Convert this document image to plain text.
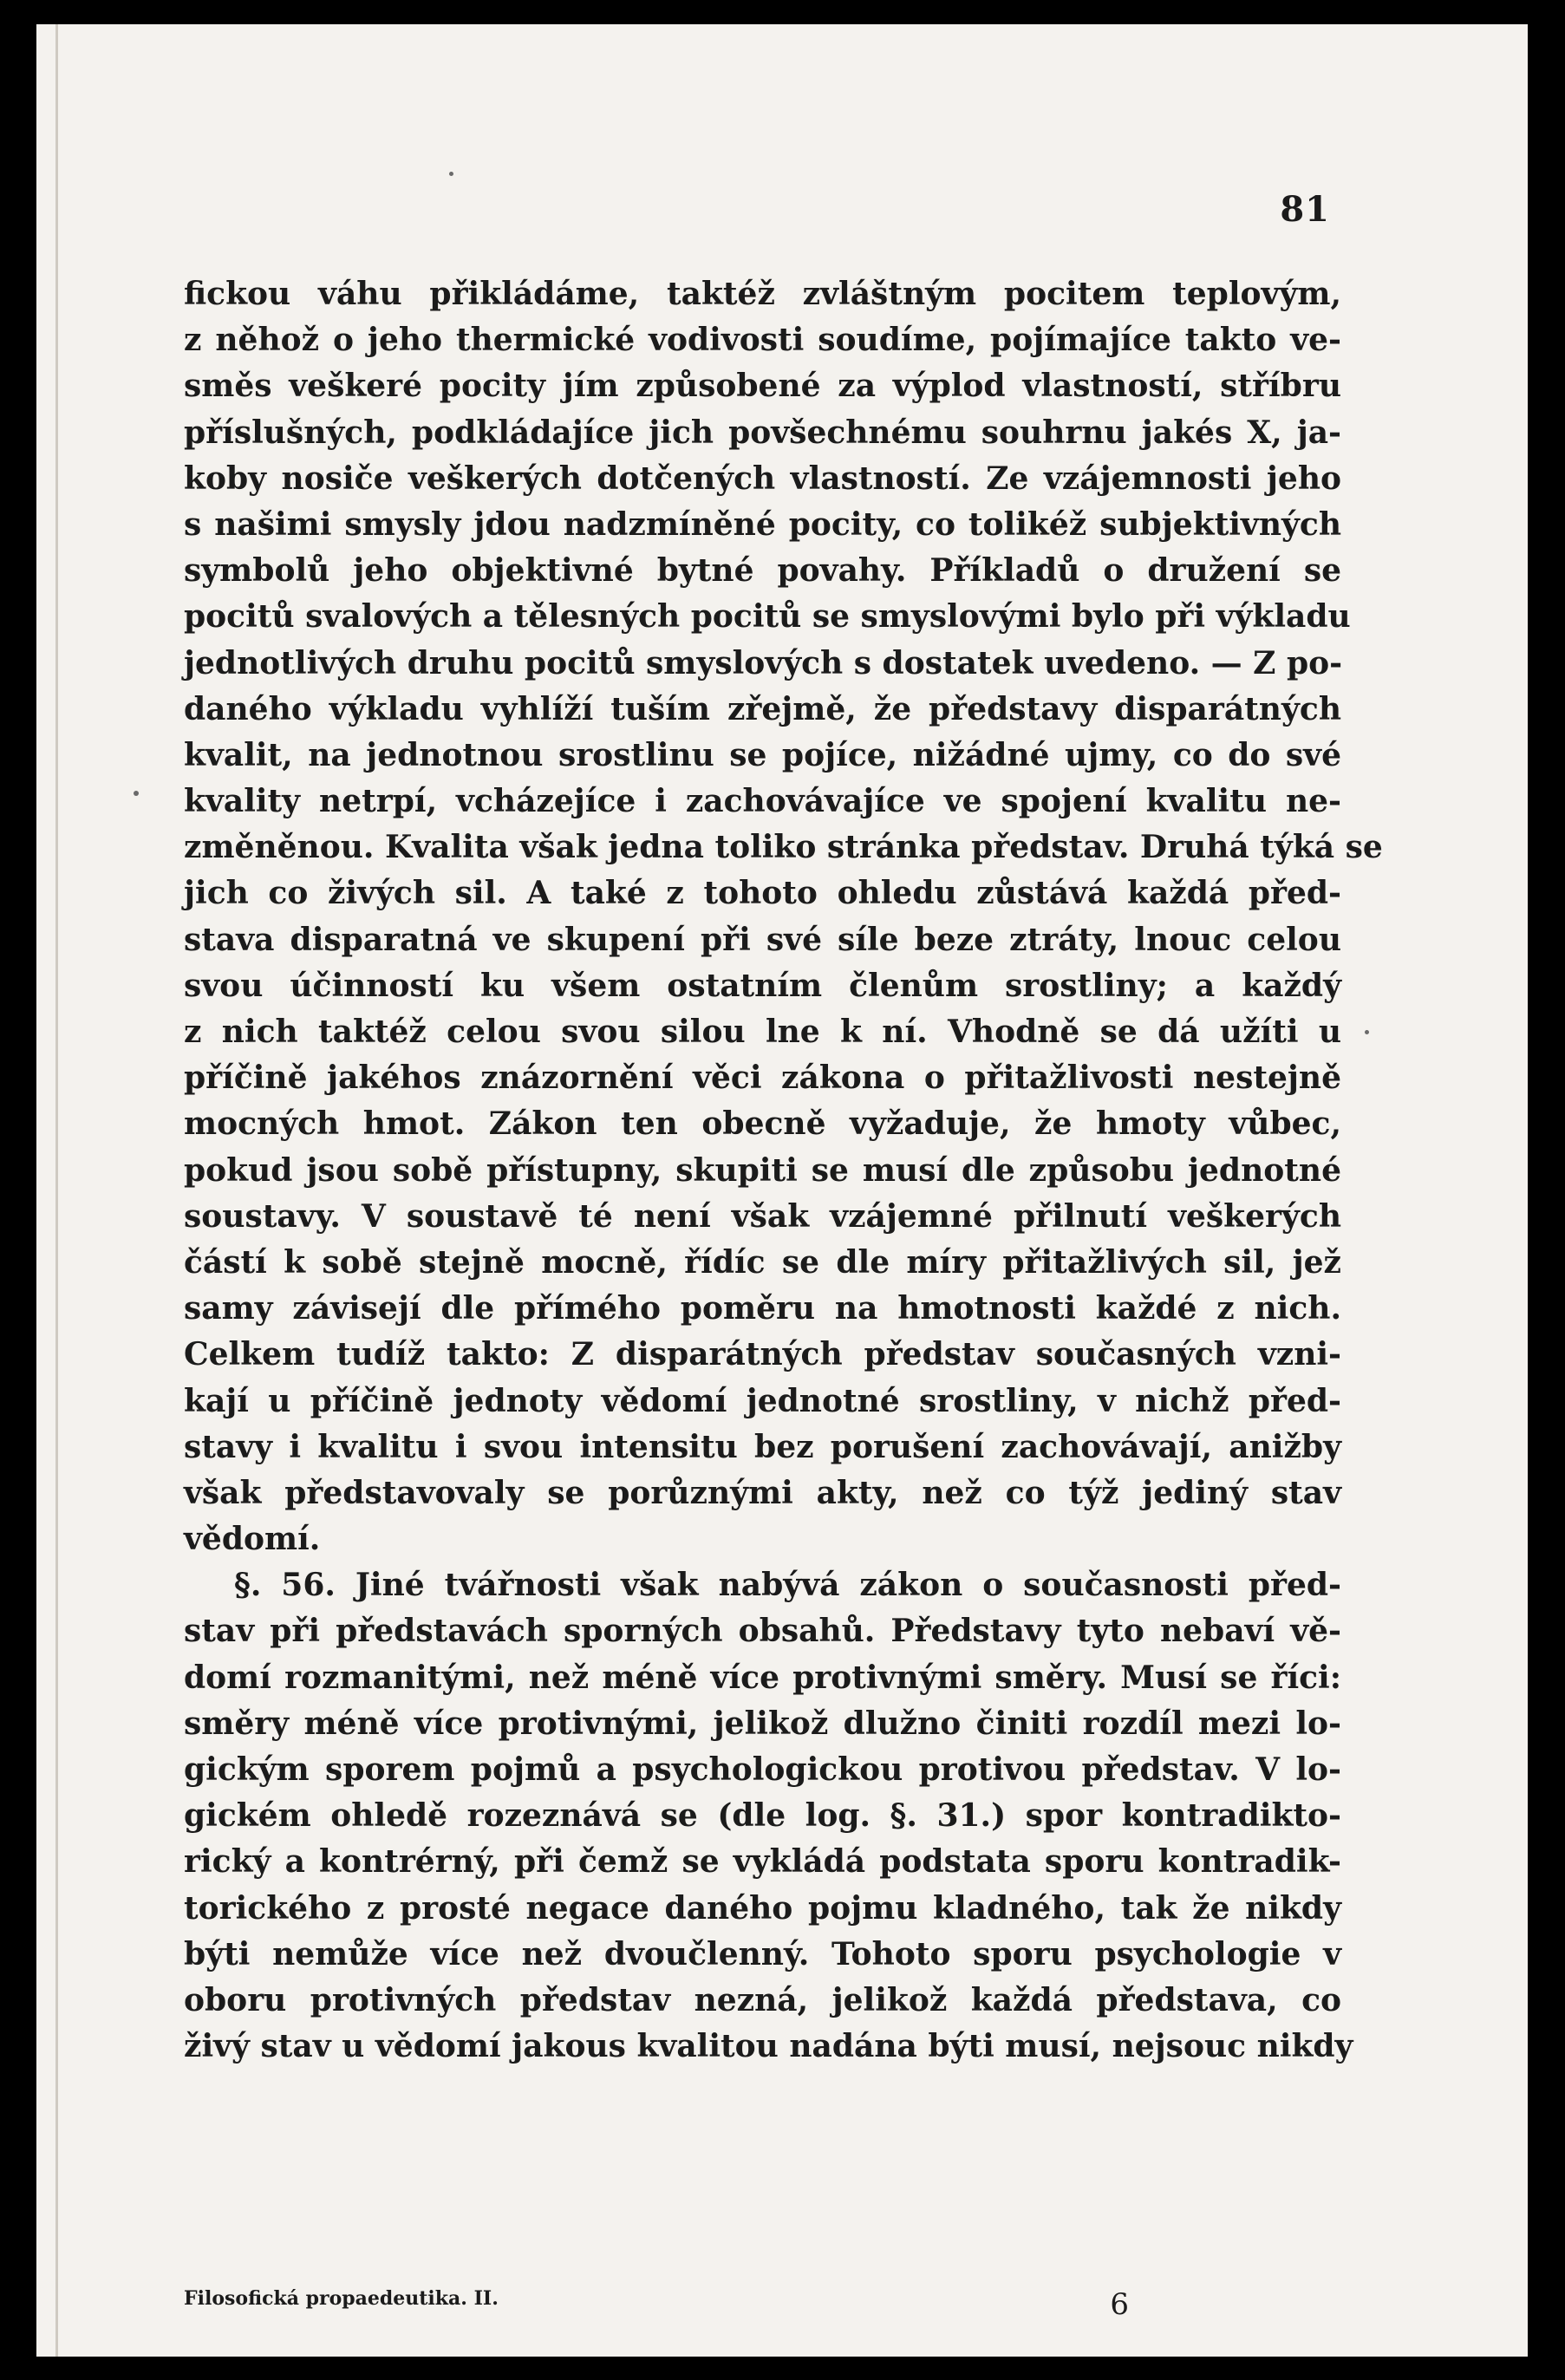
81
fickou váhu přikládáme, taktéž zvláštným pocitem teplovým,
z něhož o jeho thermické vodivosti soudíme, pojímajíce takto ve-
směs veškeré pocity jím způsobené za výplod vlastností, stříbru
příslušných, podkládajíce jich povšechnému souhrnu jakés X, ja-
koby nosiče veškerých dotčených vlastností. Ze vzájemnosti jeho
s našimi smysly jdou nadzmíněné pocity, co tolikéž subjektivných
symbolů jeho objektivné bytné povahy. Příkladů o družení se
pocitů svalových a tělesných pocitů se smyslovými bylo při výkladu
jednotlivých druhu pocitů smyslových s dostatek uvedeno. — Z po-
daného výkladu vyhlíží tuším zřejmě, že představy disparátných
kvalit, na jednotnou srostlinu se pojíce, nižádné ujmy, co do své
kvality netrpí, vcházejíce i zachovávajíce ve spojení kvalitu ne-
změněnou. Kvalita však jedna toliko stránka představ. Druhá týká se
jich co živých sil. A také z tohoto ohledu zůstává každá před-
stava disparatná ve skupení při své síle beze ztráty, lnouc celou
svou účinností ku všem ostatním členům srostliny; a každý
z nich taktéž celou svou silou lne k ní. Vhodně se dá užíti u
příčině jakéhos znázornění věci zákona o přitažlivosti nestejně
mocných hmot. Zákon ten obecně vyžaduje, že hmoty vůbec,
pokud jsou sobě přístupny, skupiti se musí dle způsobu jednotné
soustavy. V soustavě té není však vzájemné přilnutí veškerých
částí k sobě stejně mocně, řídíc se dle míry přitažlivých sil, jež
samy závisejí dle přímého poměru na hmotnosti každé z nich.
Celkem tudíž takto: Z disparátných představ současných vzni-
kají u příčině jednoty vědomí jednotné srostliny, v nichž před-
stavy i kvalitu i svou intensitu bez porušení zachovávají, anižby
však představovaly se porůznými akty, než co týž jediný stav
vědomí.
§. 56. Jiné tvářnosti však nabývá zákon o současnosti před-
stav při představách sporných obsahů. Představy tyto nebaví vě-
domí rozmanitými, než méně více protivnými směry. Musí se říci:
směry méně více protivnými, jelikož dlužno činiti rozdíl mezi lo-
gickým sporem pojmů a psychologickou protivou představ. V lo-
gickém ohledě rozeznává se (dle log. §. 31.) spor kontradikto-
rický a kontrérný, při čemž se vykládá podstata sporu kontradik-
torického z prosté negace daného pojmu kladného, tak že nikdy
býti nemůže více než dvoučlenný. Tohoto sporu psychologie v
oboru protivných představ nezná, jelikož každá představa, co
živý stav u vědomí jakous kvalitou nadána býti musí, nejsouc nikdy
Filosofická propaedeutika. II.	6
